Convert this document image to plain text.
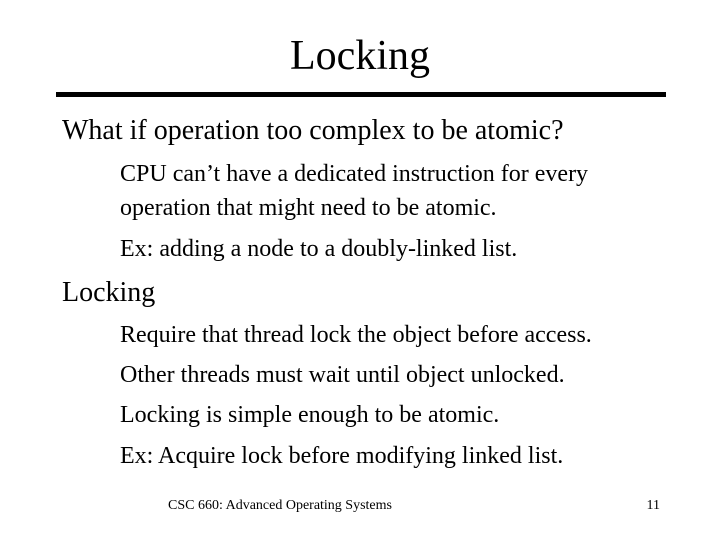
Locking
What if operation too complex to be atomic?
CPU can’t have a dedicated instruction for every operation that might need to be atomic.
Ex: adding a node to a doubly-linked list.
Locking
Require that thread lock the object before access.
Other threads must wait until object unlocked.
Locking is simple enough to be atomic.
Ex: Acquire lock before modifying linked list.
CSC 660: Advanced Operating Systems	11
